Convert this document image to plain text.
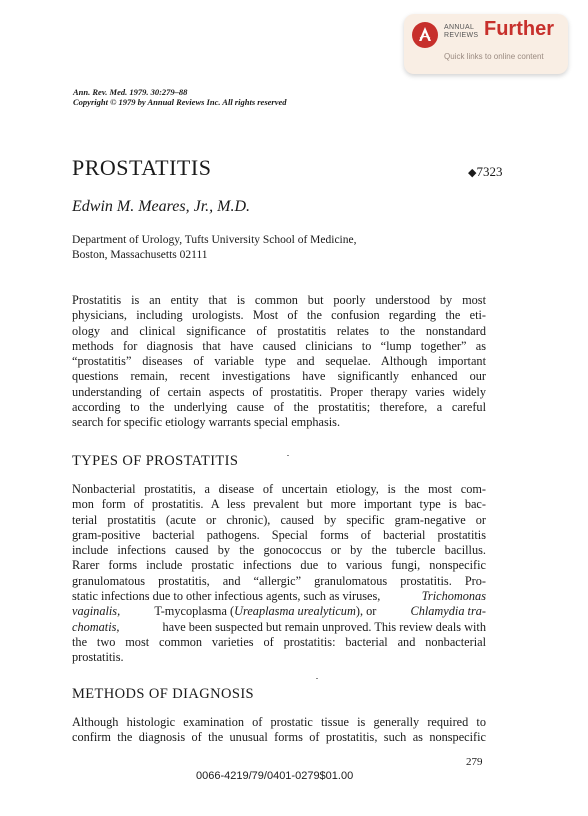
ANNUAL
REVIEWS Further
Quick links to online content
Ann. Rev. Med. 1979. 30:279–88
Copyright © 1979 by Annual Reviews Inc. All rights reserved
PROSTATITIS	◆7323
Edwin M. Meares, Jr., M.D.
Department of Urology, Tufts University School of Medicine,
Boston, Massachusetts 02111
Prostatitis is an entity that is common but poorly understood by most
physicians, including urologists. Most of the confusion regarding the eti-
ology and clinical significance of prostatitis relates to the nonstandard
methods for diagnosis that have caused clinicians to “lump together” as
“prostatitis” diseases of variable type and sequelae. Although important
questions remain, recent investigations have significantly enhanced our
understanding of certain aspects of prostatitis. Proper therapy varies widely
according to the underlying cause of the prostatitis; therefore, a careful
search for specific etiology warrants special emphasis.
TYPES OF PROSTATITIS
Nonbacterial prostatitis, a disease of uncertain etiology, is the most com-
mon form of prostatitis. A less prevalent but more important type is bac-
terial prostatitis (acute or chronic), caused by specific gram-negative or
gram-positive bacterial pathogens. Special forms of bacterial prostatitis
include infections caused by the gonococcus or by the tubercle bacillus.
Rarer forms include prostatic infections due to various fungi, nonspecific
granulomatous prostatitis, and “allergic” granulomatous prostatitis. Pro-
static infections due to other infectious agents, such as viruses,	Trichomonas
vaginalis,	T-mycoplasma (Ureaplasma urealyticum), or	Chlamydia tra-
chomatis,	have been suspected but remain unproved. This review deals with
the two most common varieties of prostatitis: bacterial and nonbacterial
prostatitis.
METHODS OF DIAGNOSIS
Although histologic examination of prostatic tissue is generally required to
confirm the diagnosis of the unusual forms of prostatitis, such as nonspecific
279
0066-4219/79/0401-0279$01.00
